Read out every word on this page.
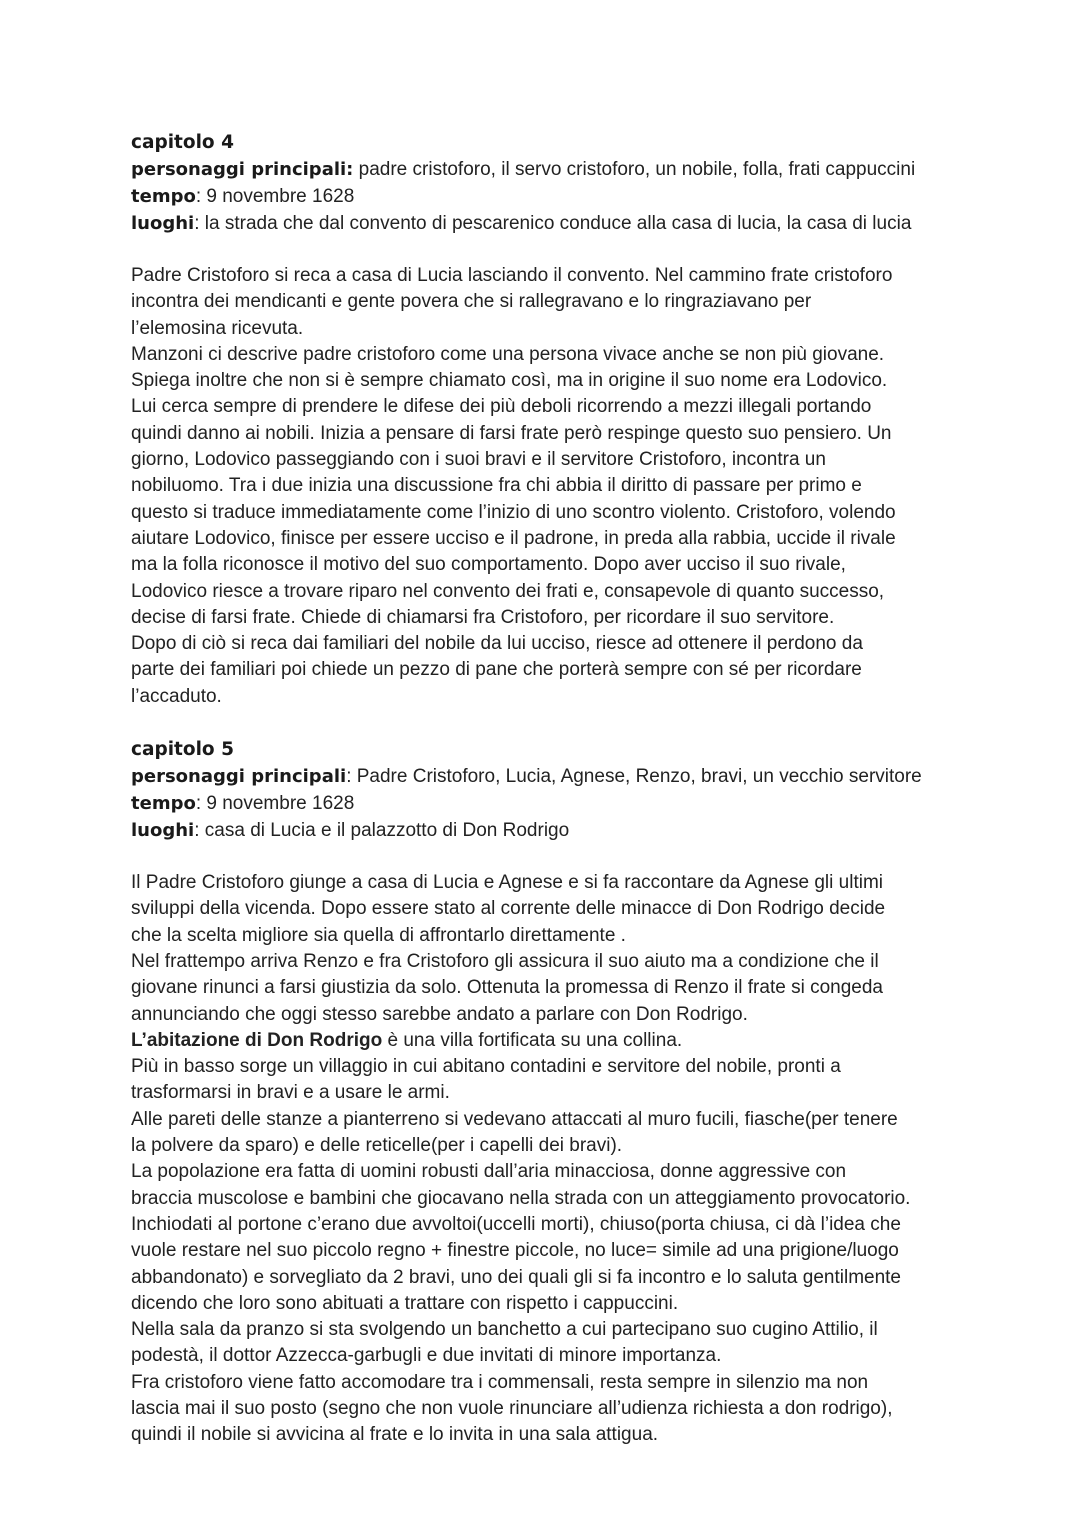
capitolo 4
personaggi principali: padre cristoforo, il servo cristoforo, un nobile, folla, frati cappuccini
tempo: 9 novembre 1628
luoghi: la strada che dal convento di pescarenico conduce alla casa di lucia, la casa di lucia
Padre Cristoforo si reca a casa di Lucia lasciando il convento. Nel cammino frate cristoforo
incontra dei mendicanti e gente povera che si rallegravano e lo ringraziavano per
l’elemosina ricevuta.
Manzoni ci descrive padre cristoforo come una persona vivace anche se non più giovane.
Spiega inoltre che non si è sempre chiamato così, ma in origine il suo nome era Lodovico.
Lui cerca sempre di prendere le difese dei più deboli ricorrendo a mezzi illegali portando
quindi danno ai nobili. Inizia a pensare di farsi frate però respinge questo suo pensiero. Un
giorno, Lodovico passeggiando con i suoi bravi e il servitore Cristoforo, incontra un
nobiluomo. Tra i due inizia una discussione fra chi abbia il diritto di passare per primo e
questo si traduce immediatamente come l’inizio di uno scontro violento. Cristoforo, volendo
aiutare Lodovico, finisce per essere ucciso e il padrone, in preda alla rabbia, uccide il rivale
ma la folla riconosce il motivo del suo comportamento. Dopo aver ucciso il suo rivale,
Lodovico riesce a trovare riparo nel convento dei frati e, consapevole di quanto successo,
decise di farsi frate. Chiede di chiamarsi fra Cristoforo, per ricordare il suo servitore.
Dopo di ciò si reca dai familiari del nobile da lui ucciso, riesce ad ottenere il perdono da
parte dei familiari poi chiede un pezzo di pane che porterà sempre con sé per ricordare
l’accaduto.
capitolo 5
personaggi principali: Padre Cristoforo, Lucia, Agnese, Renzo, bravi, un vecchio servitore
tempo: 9 novembre 1628
luoghi: casa di Lucia e il palazzotto di Don Rodrigo
Il Padre Cristoforo giunge a casa di Lucia e Agnese e si fa raccontare da Agnese gli ultimi
sviluppi della vicenda. Dopo essere stato al corrente delle minacce di Don Rodrigo decide
che la scelta migliore sia quella di affrontarlo direttamente .
Nel frattempo arriva Renzo e fra Cristoforo gli assicura il suo aiuto ma a condizione che il
giovane rinunci a farsi giustizia da solo. Ottenuta la promessa di Renzo il frate si congeda
annunciando che oggi stesso sarebbe andato a parlare con Don Rodrigo.
L’abitazione di Don Rodrigo è una villa fortificata su una collina.
Più in basso sorge un villaggio in cui abitano contadini e servitore del nobile, pronti a
trasformarsi in bravi e a usare le armi.
Alle pareti delle stanze a pianterreno si vedevano attaccati al muro fucili, fiasche(per tenere
la polvere da sparo) e delle reticelle(per i capelli dei bravi).
La popolazione era fatta di uomini robusti dall’aria minacciosa, donne aggressive con
braccia muscolose e bambini che giocavano nella strada con un atteggiamento provocatorio.
Inchiodati al portone c’erano due avvoltoi(uccelli morti), chiuso(porta chiusa, ci dà l’idea che
vuole restare nel suo piccolo regno + finestre piccole, no luce= simile ad una prigione/luogo
abbandonato) e sorvegliato da 2 bravi, uno dei quali gli si fa incontro e lo saluta gentilmente
dicendo che loro sono abituati a trattare con rispetto i cappuccini.
Nella sala da pranzo si sta svolgendo un banchetto a cui partecipano suo cugino Attilio, il
podestà, il dottor Azzecca-garbugli e due invitati di minore importanza.
Fra cristoforo viene fatto accomodare tra i commensali, resta sempre in silenzio ma non
lascia mai il suo posto (segno che non vuole rinunciare all’udienza richiesta a don rodrigo),
quindi il nobile si avvicina al frate e lo invita in una sala attigua.
